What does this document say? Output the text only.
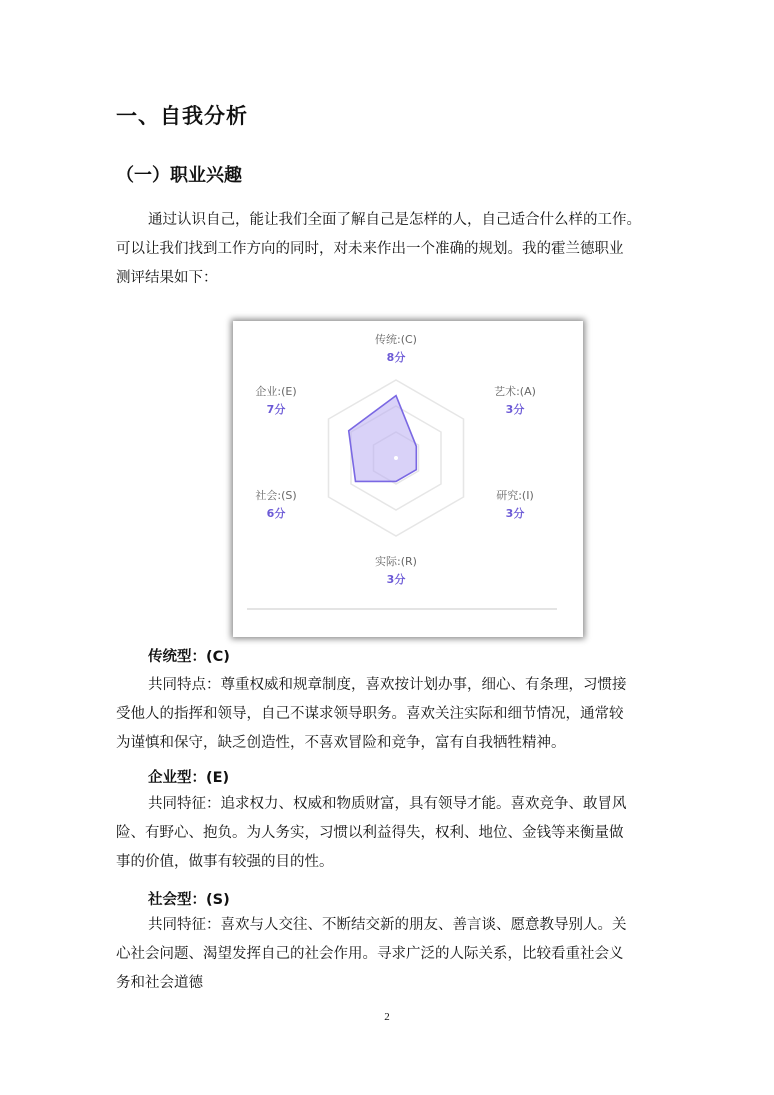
一、自我分析
（一）职业兴趣

通过认识自己，能让我们全面了解自己是怎样的人，自己适合什么样的工作。
可以让我们找到工作方向的同时，对未来作出一个准确的规划。我的霍兰德职业
测评结果如下：

传统:(C)
8分
艺术:(A)
3分
研究:(I)
3分
实际:(R)
3分
社会:(S)
6分
企业:(E)
7分
传统型：(C)

共同特点：尊重权威和规章制度，喜欢按计划办事，细心、有条理，习惯接
受他人的指挥和领导，自己不谋求领导职务。喜欢关注实际和细节情况，通常较
为谨慎和保守，缺乏创造性，不喜欢冒险和竞争，富有自我牺牲精神。

企业型：(E)

共同特征：追求权力、权威和物质财富，具有领导才能。喜欢竞争、敢冒风
险、有野心、抱负。为人务实，习惯以利益得失，权利、地位、金钱等来衡量做
事的价值，做事有较强的目的性。

社会型：(S)

共同特征：喜欢与人交往、不断结交新的朋友、善言谈、愿意教导别人。关
心社会问题、渴望发挥自己的社会作用。寻求广泛的人际关系，比较看重社会义
务和社会道德

2
